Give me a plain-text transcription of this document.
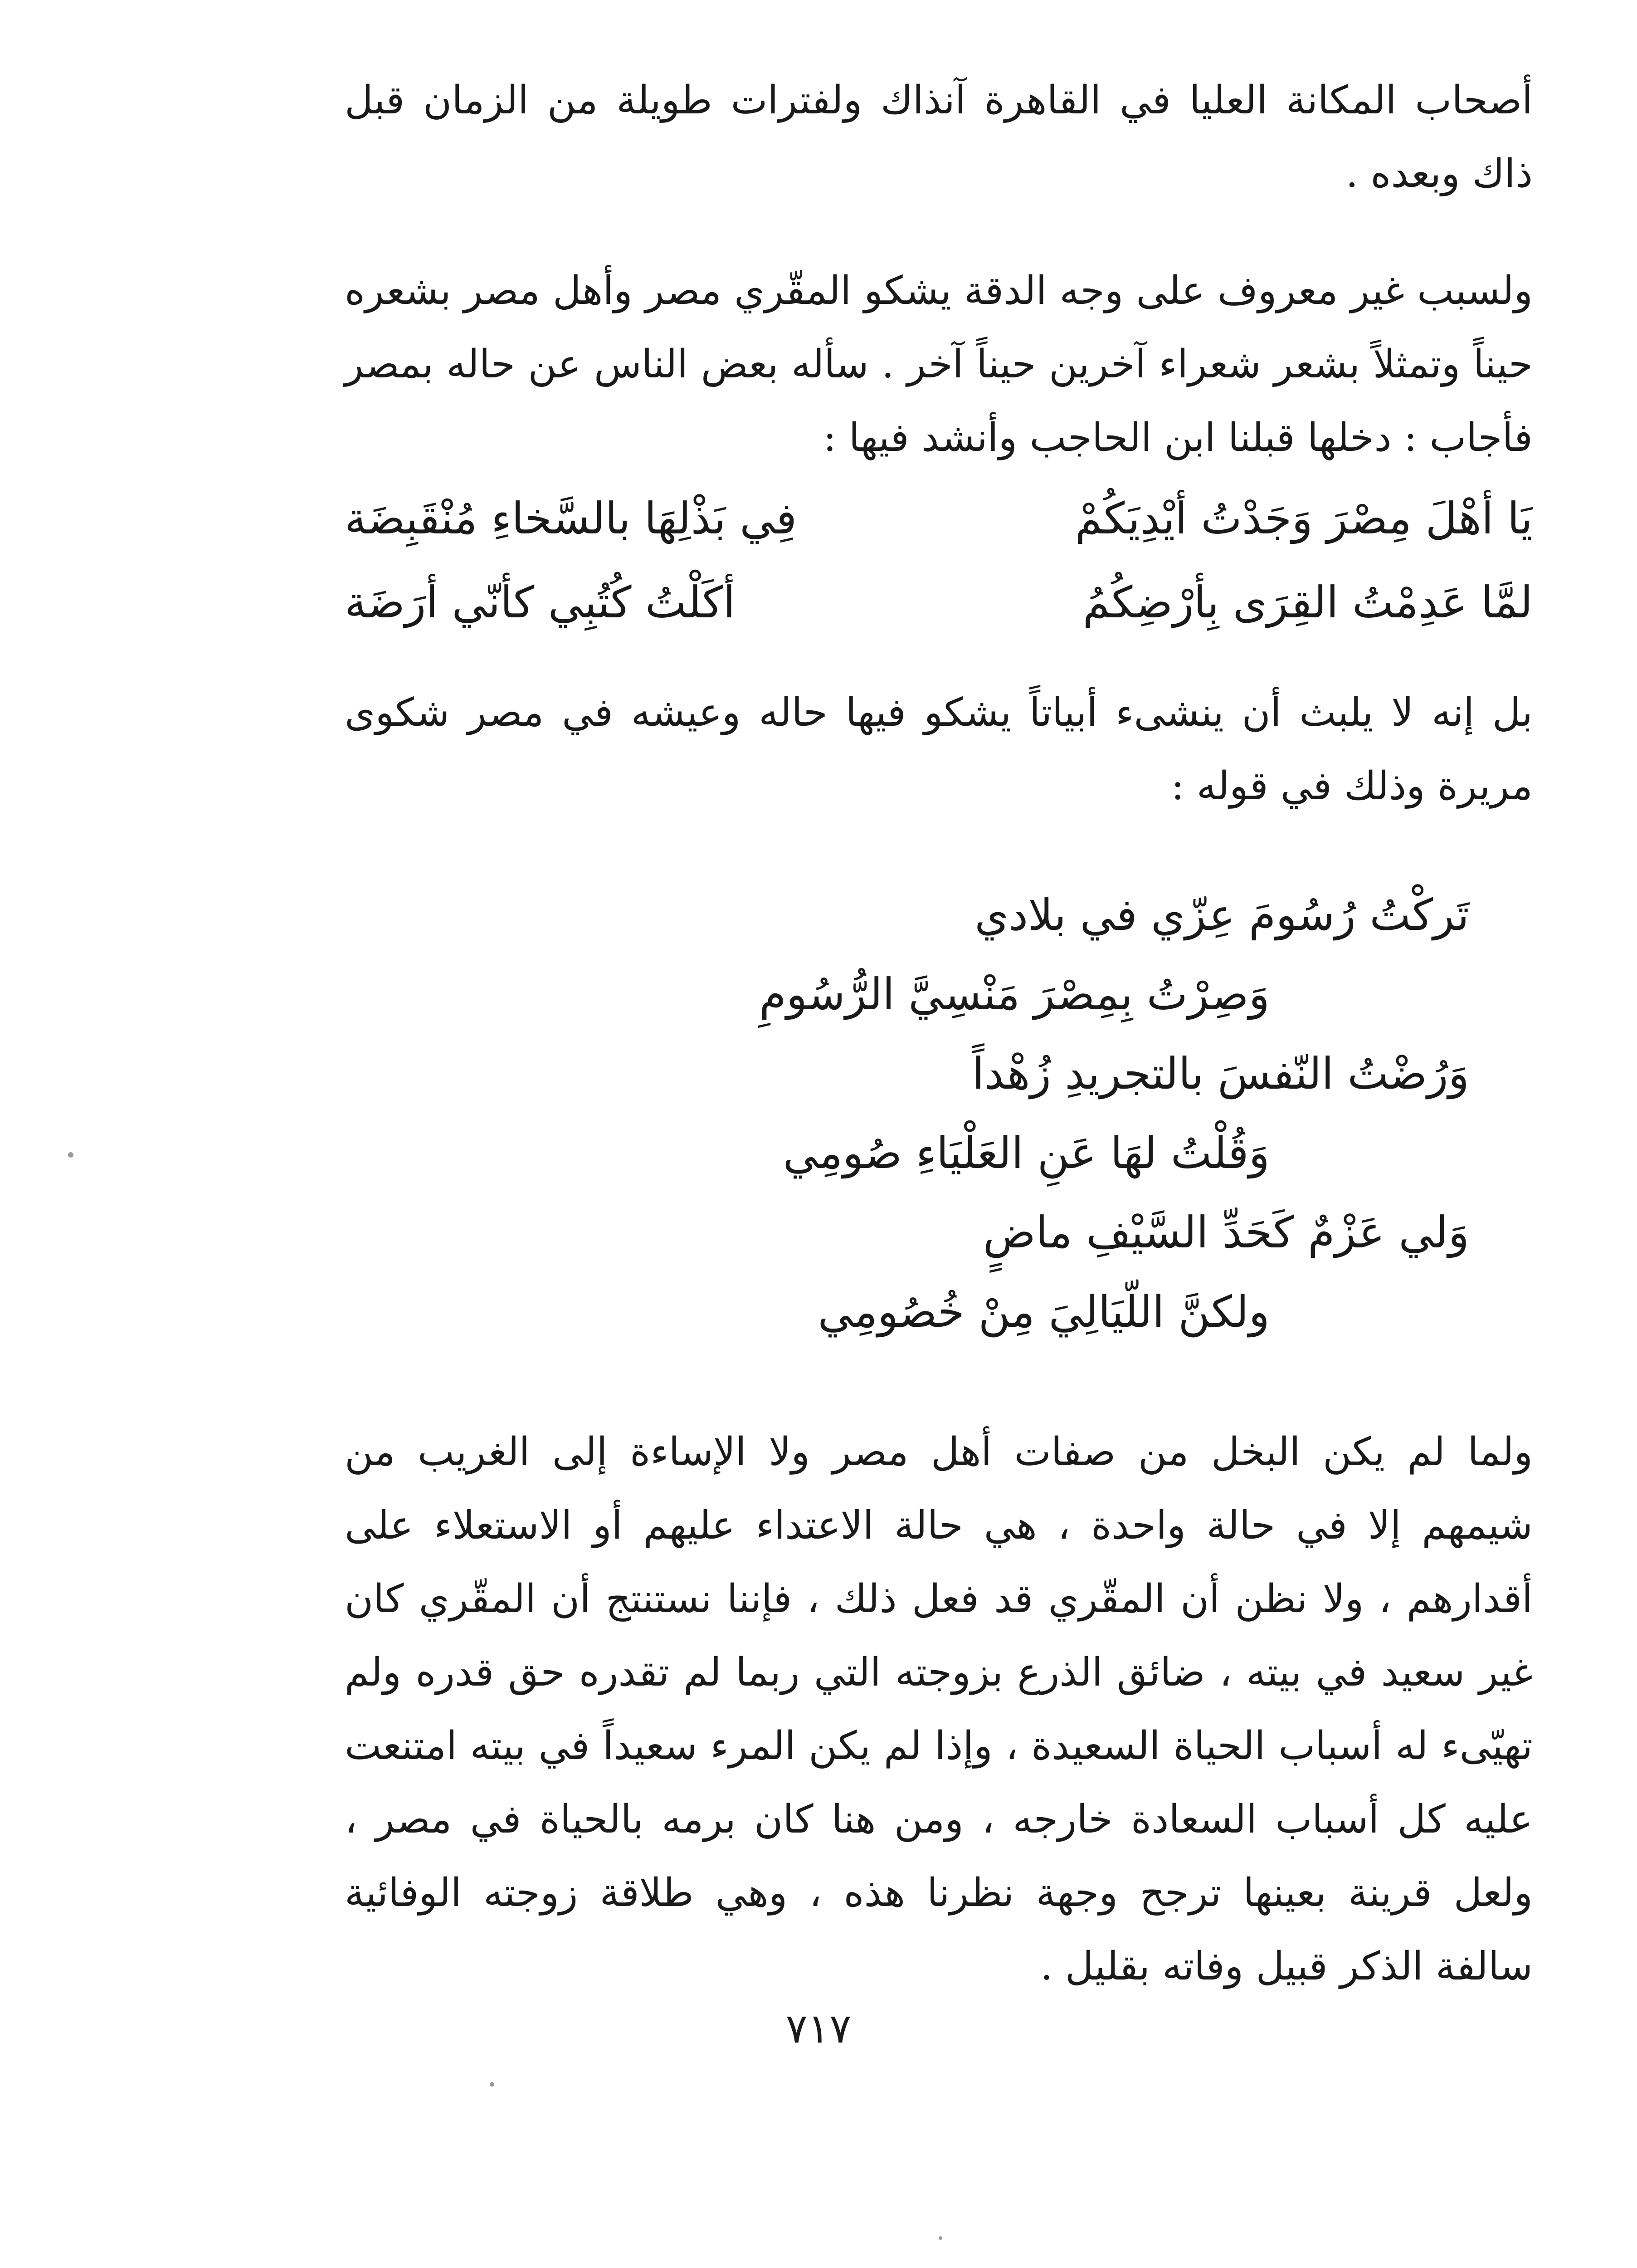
أصحاب المكانة العليا في القاهرة آنذاك ولفترات طويلة من الزمان قبل ذاك وبعده .

ولسبب غير معروف على وجه الدقة يشكو المقّري مصر وأهل مصر بشعره حيناً وتمثلاً بشعر شعراء آخرين حيناً آخر . سأله بعض الناس عن حاله بمصر فأجاب : دخلها قبلنا ابن الحاجب وأنشد فيها :

يَا أهْلَ مِصْرَ وَجَدْتُ أيْدِيَكُمْ
فِي بَذْلِهَا بالسَّخاءِ مُنْقَبِضَة
لمَّا عَدِمْتُ القِرَى بِأرْضِكُمُ
أكَلْتُ كُتُبِي كأنّي أرَضَة

بل إنه لا يلبث أن ينشىء أبياتاً يشكو فيها حاله وعيشه في مصر شكوى مريرة وذلك في قوله :

تَركْتُ رُسُومَ عِزّي في بلادي
وَصِرْتُ بِمِصْرَ مَنْسِيَّ الرُّسُومِ
وَرُضْتُ النّفسَ بالتجريدِ زُهْداً
وَقُلْتُ لهَا عَنِ العَلْيَاءِ صُومِي
وَلي عَزْمٌ كَحَدِّ السَّيْفِ ماضٍ
ولكنَّ اللّيَالِيَ مِنْ خُصُومِي

ولما لم يكن البخل من صفات أهل مصر ولا الإساءة إلى الغريب من شيمهم إلا في حالة واحدة ، هي حالة الاعتداء عليهم أو الاستعلاء على أقدارهم ، ولا نظن أن المقّري قد فعل ذلك ، فإننا نستنتج أن المقّري كان غير سعيد في بيته ، ضائق الذرع بزوجته التي ربما لم تقدره حق قدره ولم تهيّىء له أسباب الحياة السعيدة ، وإذا لم يكن المرء سعيداً في بيته امتنعت عليه كل أسباب السعادة خارجه ، ومن هنا كان برمه بالحياة في مصر ، ولعل قرينة بعينها ترجح وجهة نظرنا هذه ، وهي طلاقة زوجته الوفائية سالفة الذكر قبيل وفاته بقليل .

٧١٧
